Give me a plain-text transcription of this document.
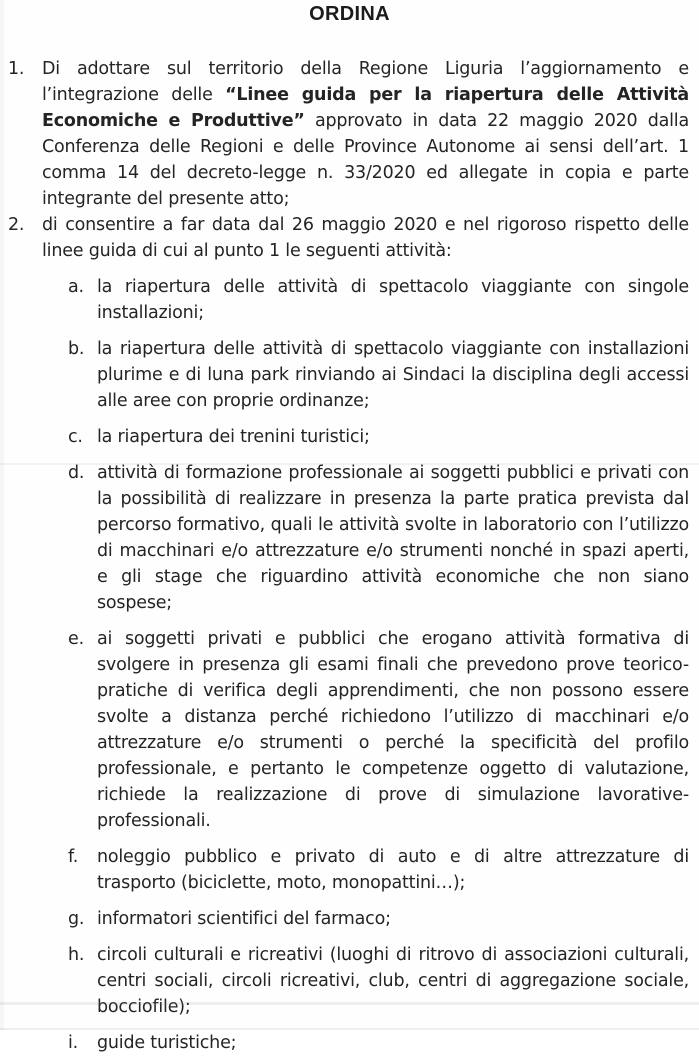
ORDINA
1.	Di adottare sul territorio della Regione Liguria l’aggiornamento e l’integrazione delle “Linee guida per la riapertura delle Attività Economiche e Produttive” approvato in data 22 maggio 2020 dalla Conferenza delle Regioni e delle Province Autonome ai sensi dell’art. 1 comma 14 del decreto-legge n. 33/2020 ed allegate in copia e parte integrante del presente atto;
2.	di consentire a far data dal 26 maggio 2020 e nel rigoroso rispetto delle linee guida di cui al punto 1 le seguenti attività:
a. la riapertura delle attività di spettacolo viaggiante con singole installazioni;
b. la riapertura delle attività di spettacolo viaggiante con installazioni plurime e di luna park rinviando ai Sindaci la disciplina degli accessi alle aree con proprie ordinanze;
c. la riapertura dei trenini turistici;
d. attività di formazione professionale ai soggetti pubblici e privati con la possibilità di realizzare in presenza la parte pratica prevista dal percorso formativo, quali le attività svolte in laboratorio con l’utilizzo di macchinari e/o attrezzature e/o strumenti nonché in spazi aperti, e gli stage che riguardino attività economiche che non siano sospese;
e. ai soggetti privati e pubblici che erogano attività formativa di svolgere in presenza gli esami finali che prevedono prove teorico-pratiche di verifica degli apprendimenti, che non possono essere svolte a distanza perché richiedono l’utilizzo di macchinari e/o attrezzature e/o strumenti o perché la specificità del profilo professionale, e pertanto le competenze oggetto di valutazione, richiede la realizzazione di prove di simulazione lavorative-professionali.
f.	noleggio pubblico e privato di auto e di altre attrezzature di trasporto (biciclette, moto, monopattini…);
g. informatori scientifici del farmaco;
h. circoli culturali e ricreativi (luoghi di ritrovo di associazioni culturali, centri sociali, circoli ricreativi, club, centri di aggregazione sociale, bocciofile);
i.	guide turistiche;
